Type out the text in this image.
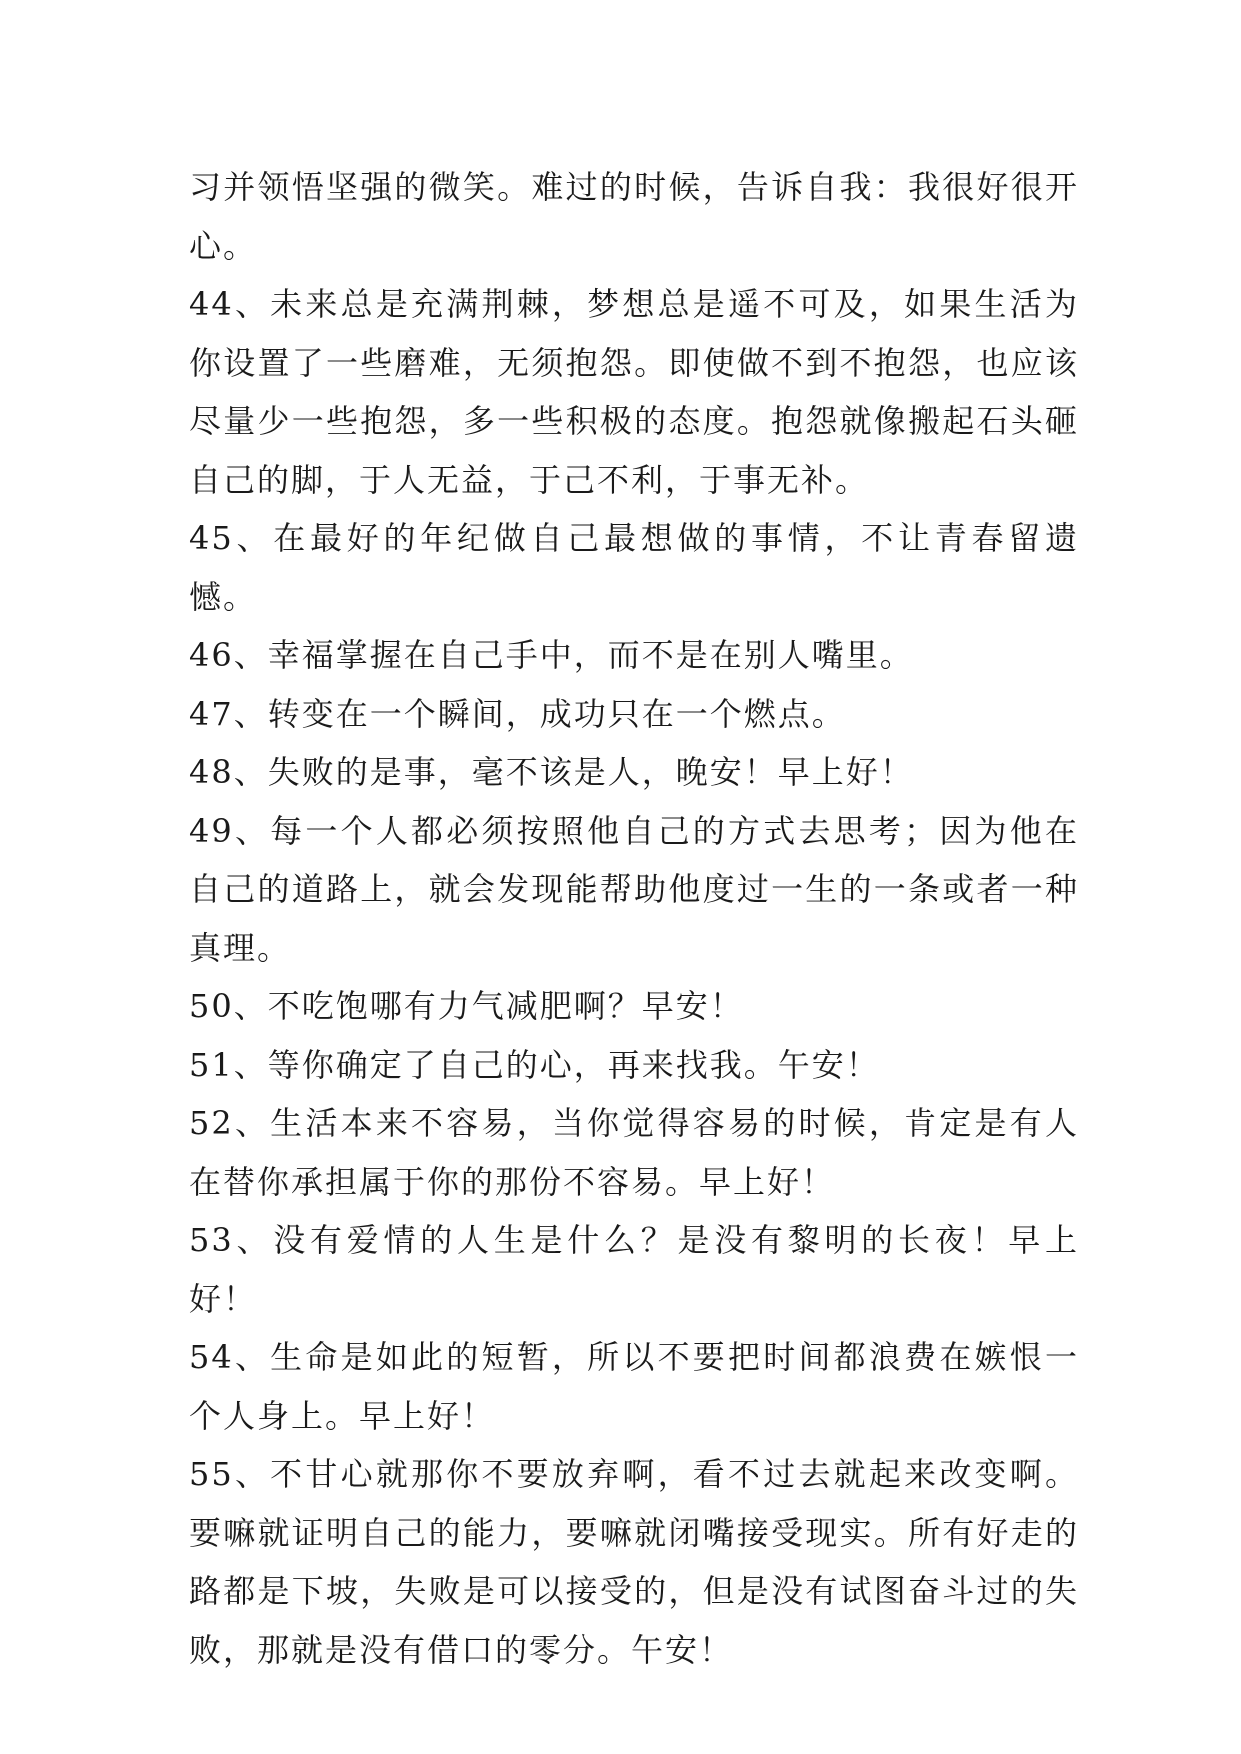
习并领悟坚强的微笑。难过的时候，告诉自我：我很好很开心。

44、未来总是充满荆棘，梦想总是遥不可及，如果生活为你设置了一些磨难，无须抱怨。即使做不到不抱怨，也应该尽量少一些抱怨，多一些积极的态度。抱怨就像搬起石头砸自己的脚，于人无益，于己不利，于事无补。

45、在最好的年纪做自己最想做的事情，不让青春留遗憾。

46、幸福掌握在自己手中，而不是在别人嘴里。

47、转变在一个瞬间，成功只在一个燃点。

48、失败的是事，毫不该是人，晚安！早上好！

49、每一个人都必须按照他自己的方式去思考；因为他在自己的道路上，就会发现能帮助他度过一生的一条或者一种真理。

50、不吃饱哪有力气减肥啊？早安！

51、等你确定了自己的心，再来找我。午安！

52、生活本来不容易，当你觉得容易的时候，肯定是有人在替你承担属于你的那份不容易。早上好！

53、没有爱情的人生是什么？是没有黎明的长夜！早上好！

54、生命是如此的短暂，所以不要把时间都浪费在嫉恨一个人身上。早上好！

55、不甘心就那你不要放弃啊，看不过去就起来改变啊。要嘛就证明自己的能力，要嘛就闭嘴接受现实。所有好走的路都是下坡，失败是可以接受的，但是没有试图奋斗过的失败，那就是没有借口的零分。午安！
